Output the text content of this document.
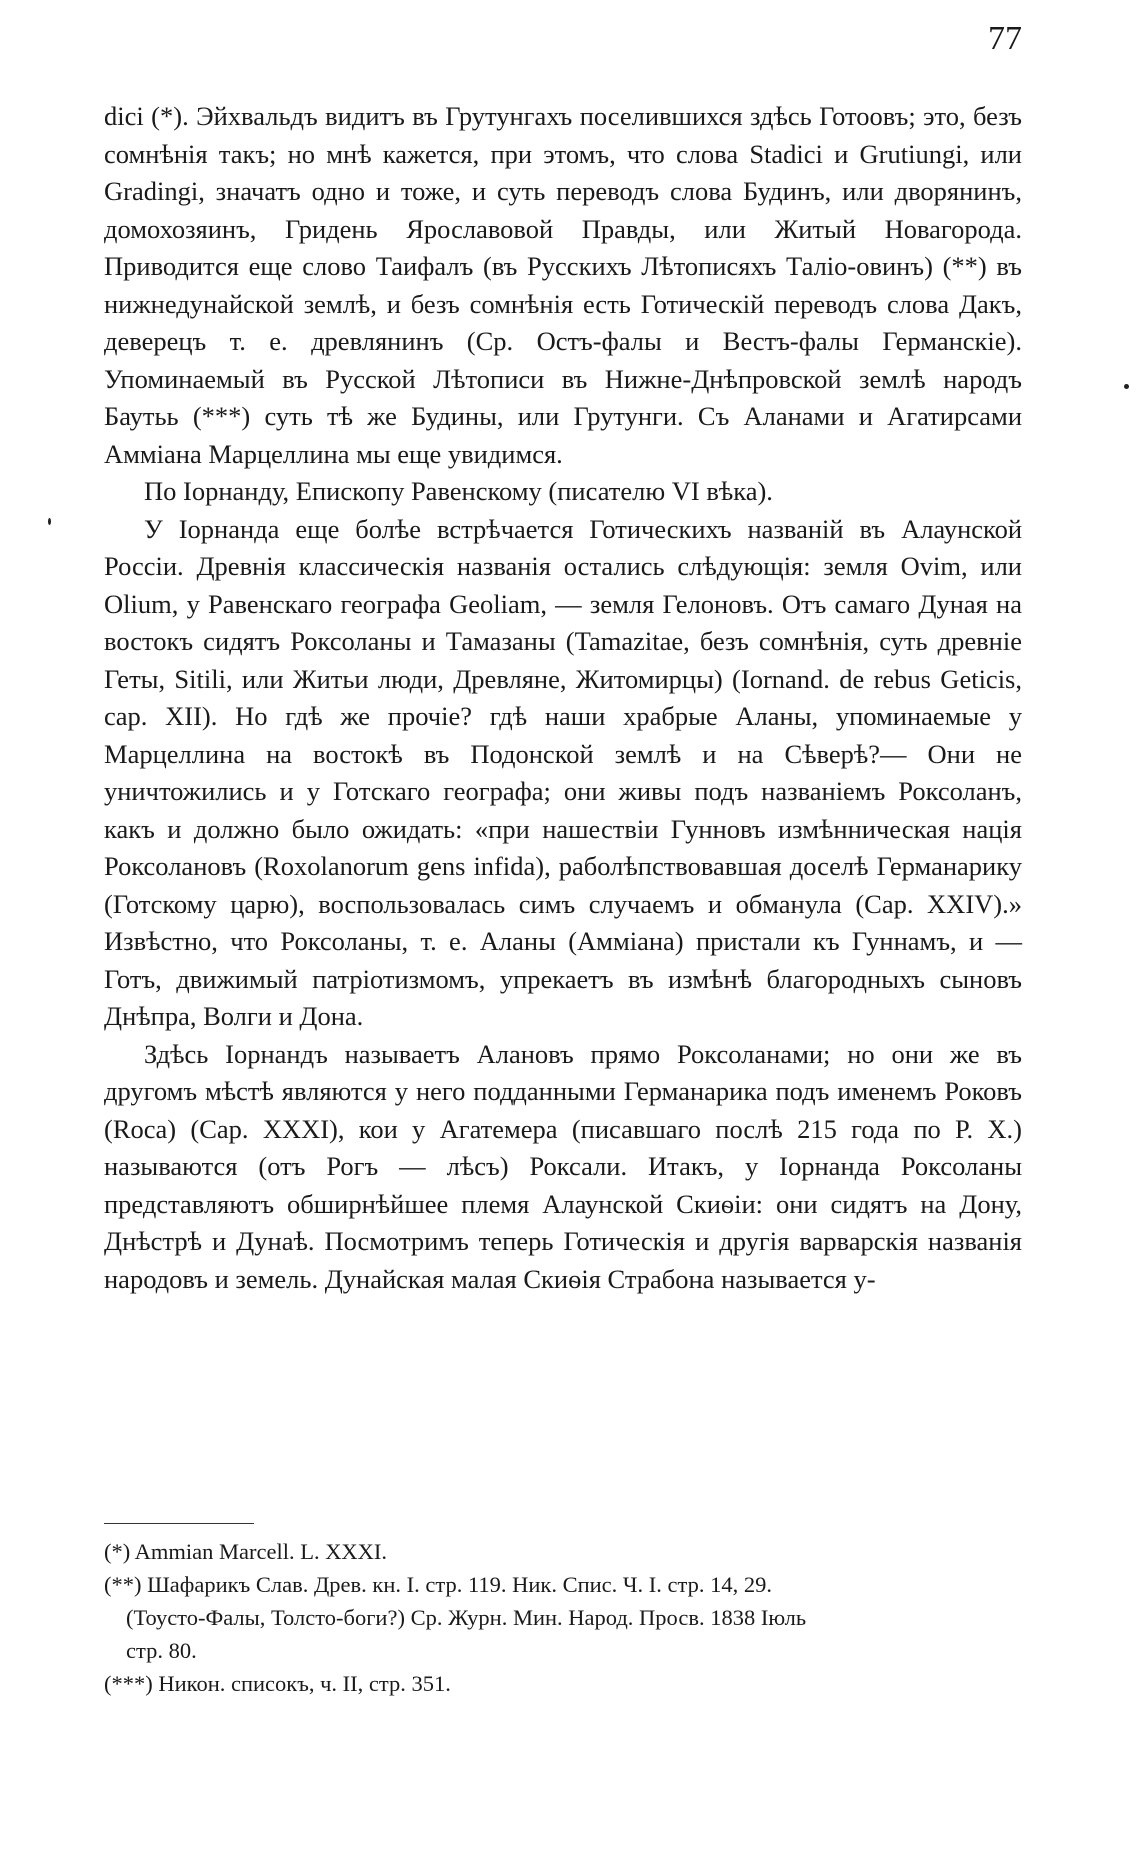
77

dici (*). Эйхвальдъ видитъ въ Грутунгахъ поселившихся здѣсь Готоовъ; это, безъ сомнѣнія такъ; но мнѣ кажется, при этомъ, что слова Stadici и Grutiungi, или Gradingi, значатъ одно и тоже, и суть переводъ слова Будинъ, или дворянинъ, домохозяинъ, Гридень Ярославовой Правды, или Житый Новагорода. Приводится еще слово Таифалъ (въ Русскихъ Лѣтописяхъ Таліо-овинъ) (**) въ нижнедунайской землѣ, и безъ сомнѣнія есть Готическій переводъ слова Дакъ, деверецъ т. е. древлянинъ (Ср. Остъ-фалы и Вестъ-фалы Германскіе). Упоминаемый въ Русской Лѣтописи въ Нижне-Днѣпровской землѣ народъ Баутьь (***) суть тѣ же Будины, или Грутунги. Съ Аланами и Агатирсами Аммiана Марцеллина мы еще увидимся.

По Іорнанду, Епископу Равенскому (писателю VI вѣка).

У Іорнанда еще болѣе встрѣчается Готическихъ названій въ Алаунской Россіи. Древнія классическія названія остались слѣдующія: земля Ovim, или Olium, у Равенскаго географа Geoliam, — земля Гелоновъ. Отъ самаго Дуная на востокъ сидятъ Роксоланы и Тамазаны (Tamazitae, безъ сомнѣнія, суть древніе Геты, Sitili, или Житьи люди, Древляне, Житомирцы) (Iornand. de rebus Geticis, cap. XII). Но гдѣ же прочіе? гдѣ наши храбрые Аланы, упоминаемые у Марцеллина на востокѣ въ Подонской землѣ и на Сѣверѣ?— Они не уничтожились и у Готскаго географа; они живы подъ названіемъ Роксоланъ, какъ и должно было ожидать: «при нашествіи Гунновъ измѣнническая нація Роксолановъ (Roxolanorum gens infida), раболѣпствовавшая доселѣ Германарику (Готскому царю), воспользовалась симъ случаемъ и обманула (Cap. XXIV).» Извѣстно, что Роксоланы, т. е. Аланы (Аммiана) пристали къ Гуннамъ, и — Готъ, движимый патріотизмомъ, упрекаетъ въ измѣнѣ благородныхъ сыновъ Днѣпра, Волги и Дона.

Здѣсь Іорнандъ называетъ Алановъ прямо Роксоланами; но они же въ другомъ мѣстѣ являются у него подданными Германарика подъ именемъ Роковъ (Roca) (Cap. XXXI), кои у Агатемера (писавшаго послѣ 215 года по Р. Х.) называются (отъ Рогъ — лѣсъ) Роксали. Итакъ, у Іорнанда Роксоланы представляютъ обширнѣйшее племя Алаунской Скиѳіи: они сидятъ на Дону, Днѣстрѣ и Дунаѣ. Посмотримъ теперь Готическія и другія варварскія названія народовъ и земель. Дунайская малая Скиѳія Страбона называется у-

(*) Ammian Marcell. L. XXXI.

(**) Шафарикъ Слав. Древ. кн. I. стр. 119. Ник. Спис. Ч. I. стр. 14, 29.

(Тоусто-Фалы, Толсто-боги?) Ср. Журн. Мин. Народ. Просв. 1838 Іюль

стр. 80.

(***) Никон. списокъ, ч. II, стр. 351.
